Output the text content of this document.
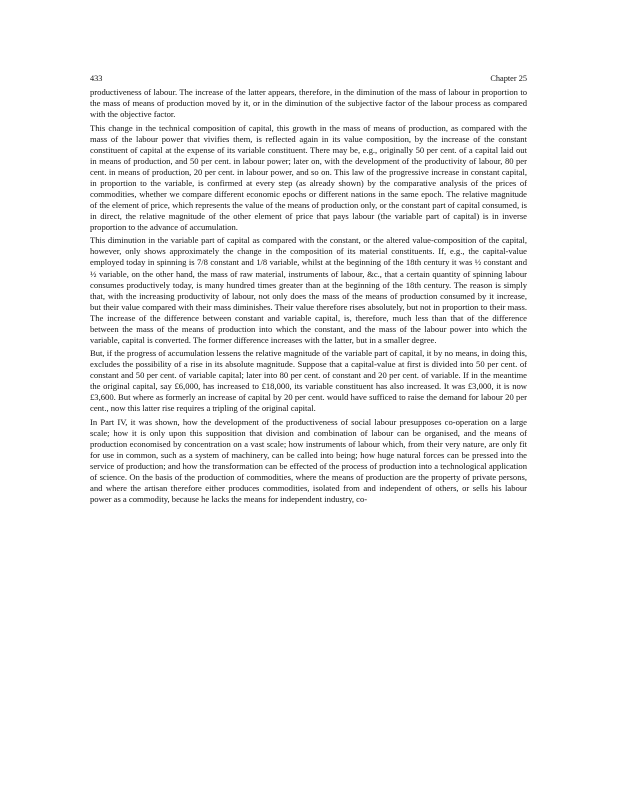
433	Chapter 25

productiveness of labour. The increase of the latter appears, therefore, in the diminution of the mass of labour in proportion to the mass of means of production moved by it, or in the diminution of the subjective factor of the labour process as compared with the objective factor.

This change in the technical composition of capital, this growth in the mass of means of production, as compared with the mass of the labour power that vivifies them, is reflected again in its value composition, by the increase of the constant constituent of capital at the expense of its variable constituent. There may be, e.g., originally 50 per cent. of a capital laid out in means of production, and 50 per cent. in labour power; later on, with the development of the productivity of labour, 80 per cent. in means of production, 20 per cent. in labour power, and so on. This law of the progressive increase in constant capital, in proportion to the variable, is confirmed at every step (as already shown) by the comparative analysis of the prices of commodities, whether we compare different economic epochs or different nations in the same epoch. The relative magnitude of the element of price, which represents the value of the means of production only, or the constant part of capital consumed, is in direct, the relative magnitude of the other element of price that pays labour (the variable part of capital) is in inverse proportion to the advance of accumulation.

This diminution in the variable part of capital as compared with the constant, or the altered value-composition of the capital, however, only shows approximately the change in the composition of its material constituents. If, e.g., the capital-value employed today in spinning is 7/8 constant and 1/8 variable, whilst at the beginning of the 18th century it was ½ constant and ½ variable, on the other hand, the mass of raw material, instruments of labour, &c., that a certain quantity of spinning labour consumes productively today, is many hundred times greater than at the beginning of the 18th century. The reason is simply that, with the increasing productivity of labour, not only does the mass of the means of production consumed by it increase, but their value compared with their mass diminishes. Their value therefore rises absolutely, but not in proportion to their mass. The increase of the difference between constant and variable capital, is, therefore, much less than that of the difference between the mass of the means of production into which the constant, and the mass of the labour power into which the variable, capital is converted. The former difference increases with the latter, but in a smaller degree.

But, if the progress of accumulation lessens the relative magnitude of the variable part of capital, it by no means, in doing this, excludes the possibility of a rise in its absolute magnitude. Suppose that a capital-value at first is divided into 50 per cent. of constant and 50 per cent. of variable capital; later into 80 per cent. of constant and 20 per cent. of variable. If in the meantime the original capital, say £6,000, has increased to £18,000, its variable constituent has also increased. It was £3,000, it is now £3,600. But where as formerly an increase of capital by 20 per cent. would have sufficed to raise the demand for labour 20 per cent., now this latter rise requires a tripling of the original capital.

In Part IV, it was shown, how the development of the productiveness of social labour presupposes co-operation on a large scale; how it is only upon this supposition that division and combination of labour can be organised, and the means of production economised by concentration on a vast scale; how instruments of labour which, from their very nature, are only fit for use in common, such as a system of machinery, can be called into being; how huge natural forces can be pressed into the service of production; and how the transformation can be effected of the process of production into a technological application of science. On the basis of the production of commodities, where the means of production are the property of private persons, and where the artisan therefore either produces commodities, isolated from and independent of others, or sells his labour power as a commodity, because he lacks the means for independent industry, co-
